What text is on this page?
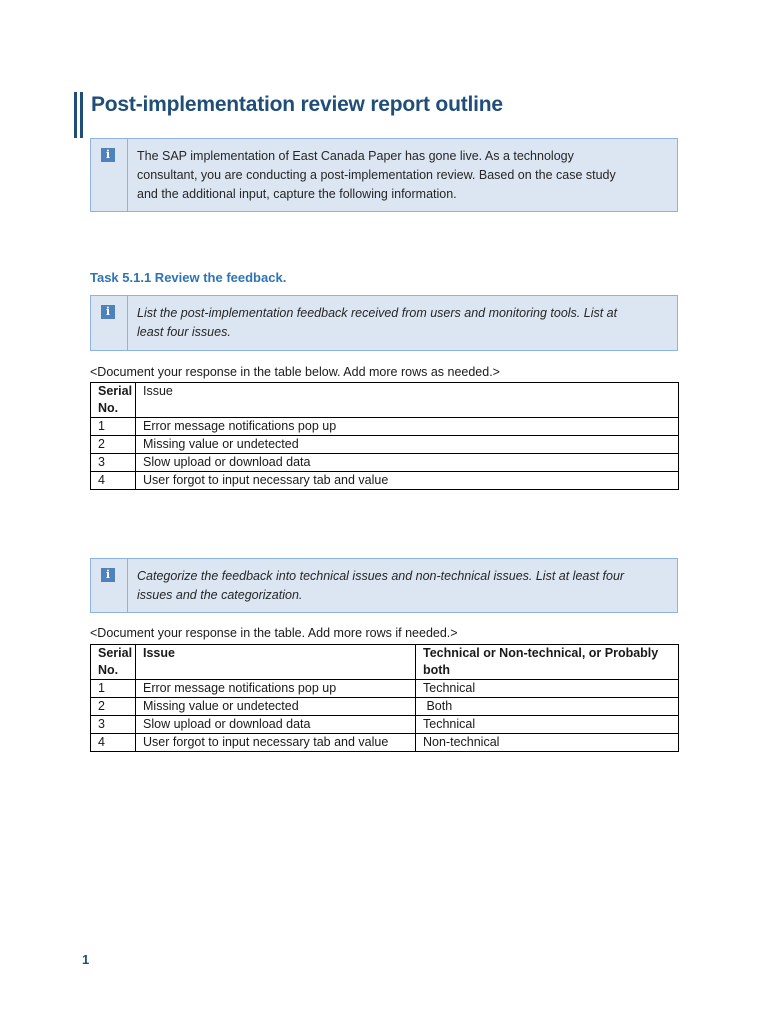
Post-implementation review report outline
i	The SAP implementation of East Canada Paper has gone live. As a technology consultant, you are conducting a post-implementation review. Based on the case study and the additional input, capture the following information.
Task 5.1.1 Review the feedback.
i	List the post-implementation feedback received from users and monitoring tools. List at least four issues.
<Document your response in the table below. Add more rows as needed.>
Serial No.	Issue
1	Error message notifications pop up
2	Missing value or undetected
3	Slow upload or download data
4	User forgot to input necessary tab and value
i	Categorize the feedback into technical issues and non-technical issues. List at least four issues and the categorization.
<Document your response in the table. Add more rows if needed.>
Serial No.	Issue	Technical or Non-technical, or Probably both
1	Error message notifications pop up	Technical
2	Missing value or undetected	Both
3	Slow upload or download data	Technical
4	User forgot to input necessary tab and value	Non-technical
1
